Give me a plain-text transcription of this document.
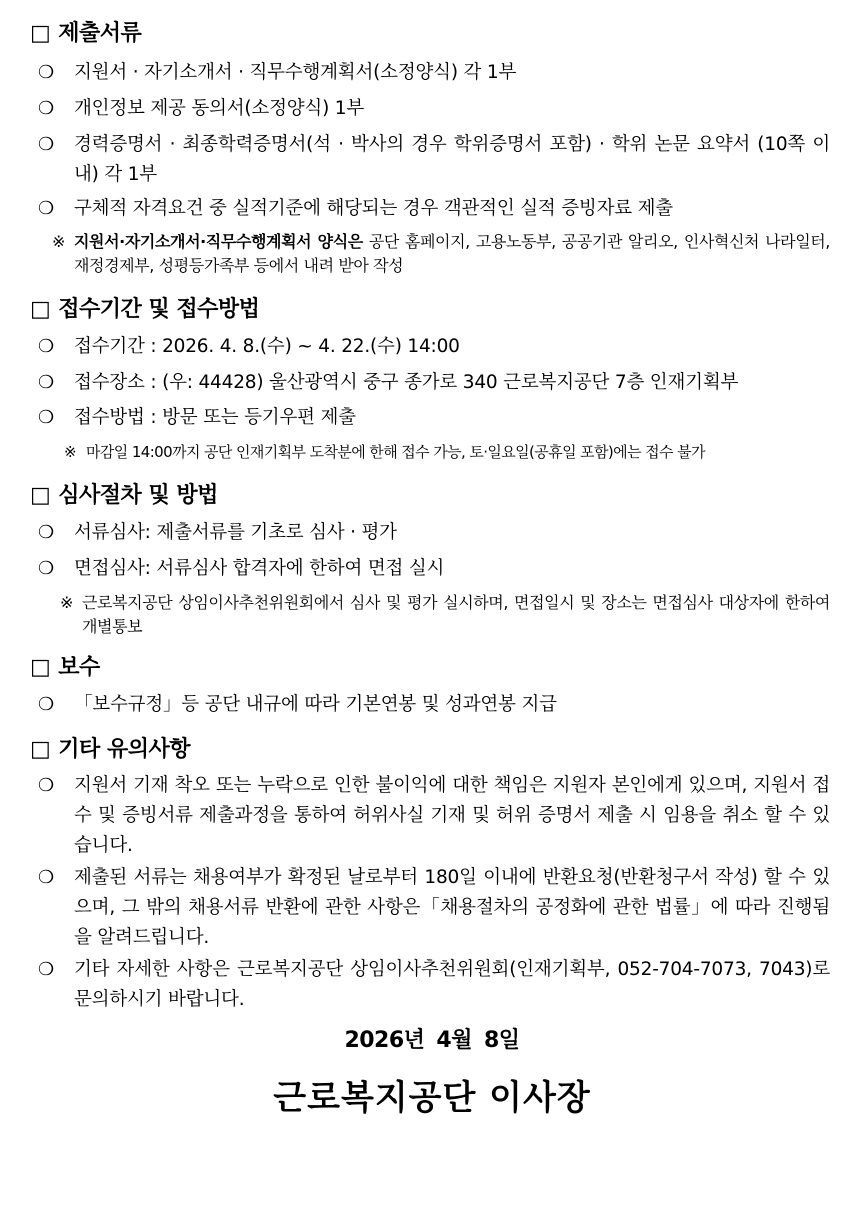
□ 제출서류
❍	지원서 · 자기소개서 · 직무수행계획서(소정양식) 각 1부
❍	개인정보 제공 동의서(소정양식) 1부
❍	경력증명서 · 최종학력증명서(석 · 박사의 경우 학위증명서 포함) · 학위 논문 요약서 (10쪽 이내) 각 1부
❍	구체적 자격요건 중 실적기준에 해당되는 경우 객관적인 실적 증빙자료 제출
※ 지원서·자기소개서·직무수행계획서 양식은 공단 홈페이지, 고용노동부, 공공기관 알리오, 인사혁신처 나라일터, 재정경제부, 성평등가족부 등에서 내려 받아 작성
□ 접수기간 및 접수방법
❍	접수기간 : 2026. 4. 8.(수) ~ 4. 22.(수) 14:00
❍	접수장소 : (우: 44428) 울산광역시 중구 종가로 340 근로복지공단 7층 인재기획부
❍	접수방법 : 방문 또는 등기우편 제출
※ 마감일 14:00까지 공단 인재기획부 도착분에 한해 접수 가능, 토·일요일(공휴일 포함)에는 접수 불가
□ 심사절차 및 방법
❍	서류심사: 제출서류를 기초로 심사 · 평가
❍	면접심사: 서류심사 합격자에 한하여 면접 실시
※ 근로복지공단 상임이사추천위원회에서 심사 및 평가 실시하며, 면접일시 및 장소는 면접심사 대상자에 한하여 개별통보
□ 보수
❍	「보수규정」등 공단 내규에 따라 기본연봉 및 성과연봉 지급
□ 기타 유의사항
❍	지원서 기재 착오 또는 누락으로 인한 불이익에 대한 책임은 지원자 본인에게 있으며, 지원서 접수 및 증빙서류 제출과정을 통하여 허위사실 기재 및 허위 증명서 제출 시 임용을 취소 할 수 있습니다.
❍	제출된 서류는 채용여부가 확정된 날로부터 180일 이내에 반환요청(반환청구서 작성) 할 수 있으며, 그 밖의 채용서류 반환에 관한 사항은「채용절차의 공정화에 관한 법률」에 따라 진행됨을 알려드립니다.
❍	기타 자세한 사항은 근로복지공단 상임이사추천위원회(인재기획부, 052-704-7073, 7043)로 문의하시기 바랍니다.
2026년 4월 8일
근로복지공단 이사장
